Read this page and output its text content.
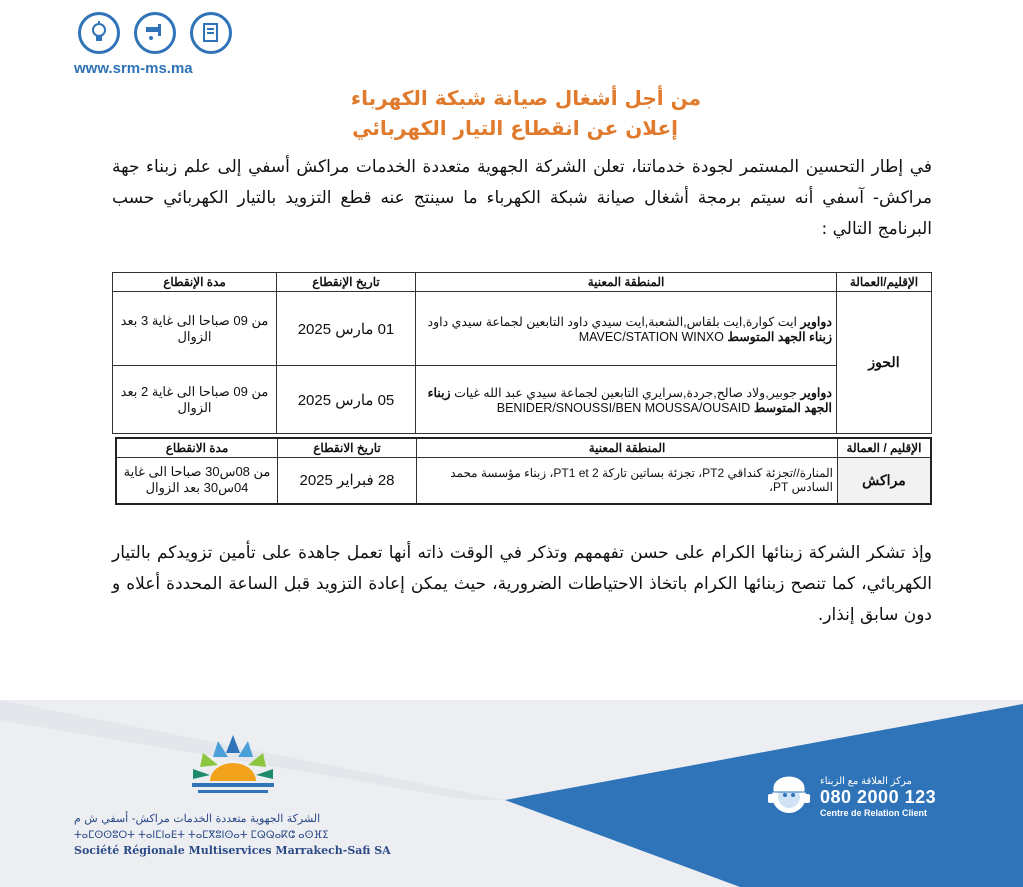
www.srm-ms.ma
من أجل أشغال صيانة شبكة الكهرباء
إعلان عن انقطاع التيار الكهربائي
في إطار التحسين المستمر لجودة خدماتنا، تعلن الشركة الجهوية متعددة الخدمات مراكش أسفي إلى علم زبناء جهة مراكش- آسفي أنه سيتم برمجة أشغال صيانة شبكة الكهرباء ما سينتج عنه قطع التزويد بالتيار الكهربائي حسب البرنامج التالي :
الإقليم/العمالة	المنطقة المعنية	تاريخ الإنقطاع	مدة الإنقطاع
الحوز	دواوير ايت كوارة,ايت بلقاس,الشعبة,ايت سيدي داود التابعين لجماعة سيدي داود زبناء الجهد المتوسط MAVEC/STATION WINXO	01 مارس 2025	من 09 صباحا الى غاية 3 بعد الزوال
	دواوير جوبير,ولاد صالح,جردة,سرايري التابعين لجماعة سيدي عبد الله غيات زبناء الجهد المتوسط BENIDER/SNOUSSI/BEN MOUSSA/OUSAID	05 مارس 2025	من 09 صباحا الى غاية 2 بعد الزوال
الإقليم / العمالة	المنطقة المعنية	تاريخ الانقطاع	مدة الانقطاع
مراكش	المنارة//تجزئة كنداقي PT2، تجزئة بساتين تاركة PT1 et 2، زبناء مؤسسة محمد السادس PT،	28 فبراير 2025	من 08س30 صباحا الى غاية 04س30 بعد الزوال
وإذ تشكر الشركة زبنائها الكرام على حسن تفهمهم وتذكر في الوقت ذاته أنها تعمل جاهدة على تأمين تزويدكم بالتيار الكهربائي، كما تنصح زبنائها الكرام باتخاذ الاحتياطات الضرورية، حيث يمكن إعادة التزويد قبل الساعة المحددة أعلاه و دون سابق إنذار.
الشركة الجهوية متعددة الخدمات مراكش- أسفي ش م
ⵜⴰⵎⵙⵙⵓⵔⵜ ⵜⴰⵏⵎⵏⴰⴹⵜ ⵜⴰⵎⴳⵓⵏⵙⴰⵜ ⵎⵕⵕⴰⴽⵛ ⴰⵙⴼⵉ
Société Régionale Multiservices Marrakech-Safi SA
مركز العلاقة مع الزبناء
080 2000 123
Centre de Relation Client
